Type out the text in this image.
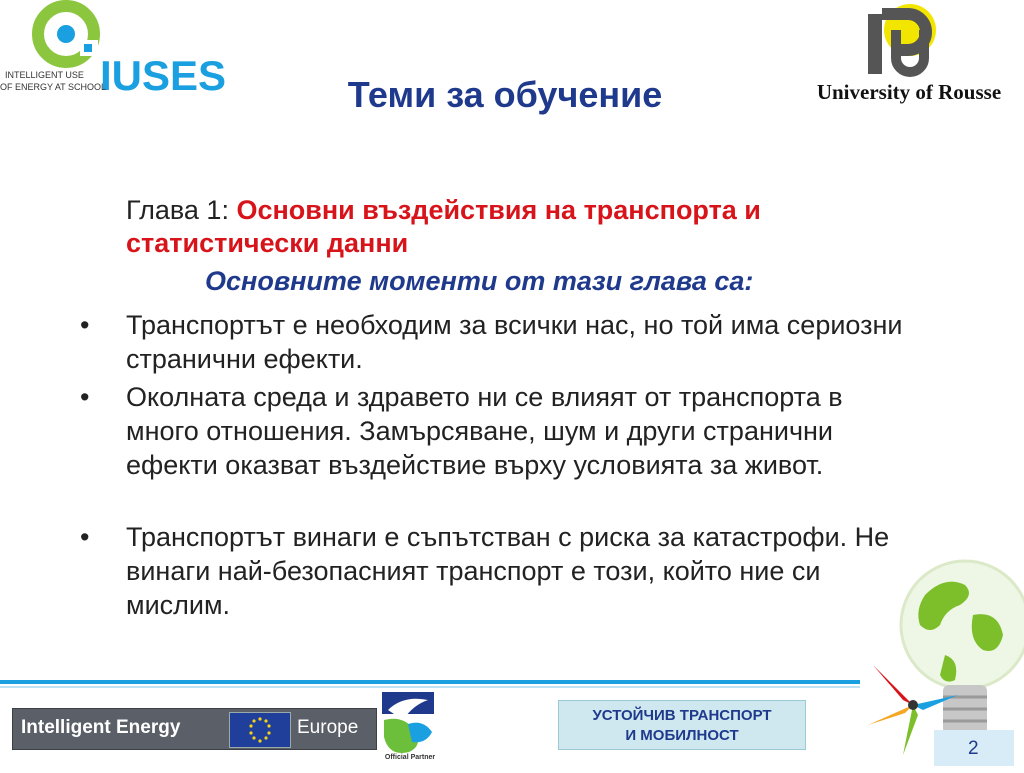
IUSES
INTELLIGENT USE
OF ENERGY AT SCHOOL	University of Rousse
Теми за обучение
Глава 1: Основни въздействия на транспорта и статистически данни
Основните моменти от тази глава са:
•	Транспортът е необходим за всички нас, но той има сериозни странични ефекти.
•	Околната среда и здравето ни се влияят от транспорта в много отношения. Замърсяване, шум и други странични ефекти оказват въздействие върху условията за живот.
•	Транспортът винаги е съпътстван с риска за катастрофи. Не винаги най-безопасният транспорт е този, който ние си мислим.
Intelligent Energy	Europe
Official Partner
УСТОЙЧИВ ТРАНСПОРТ
И МОБИЛНОСТ
2
